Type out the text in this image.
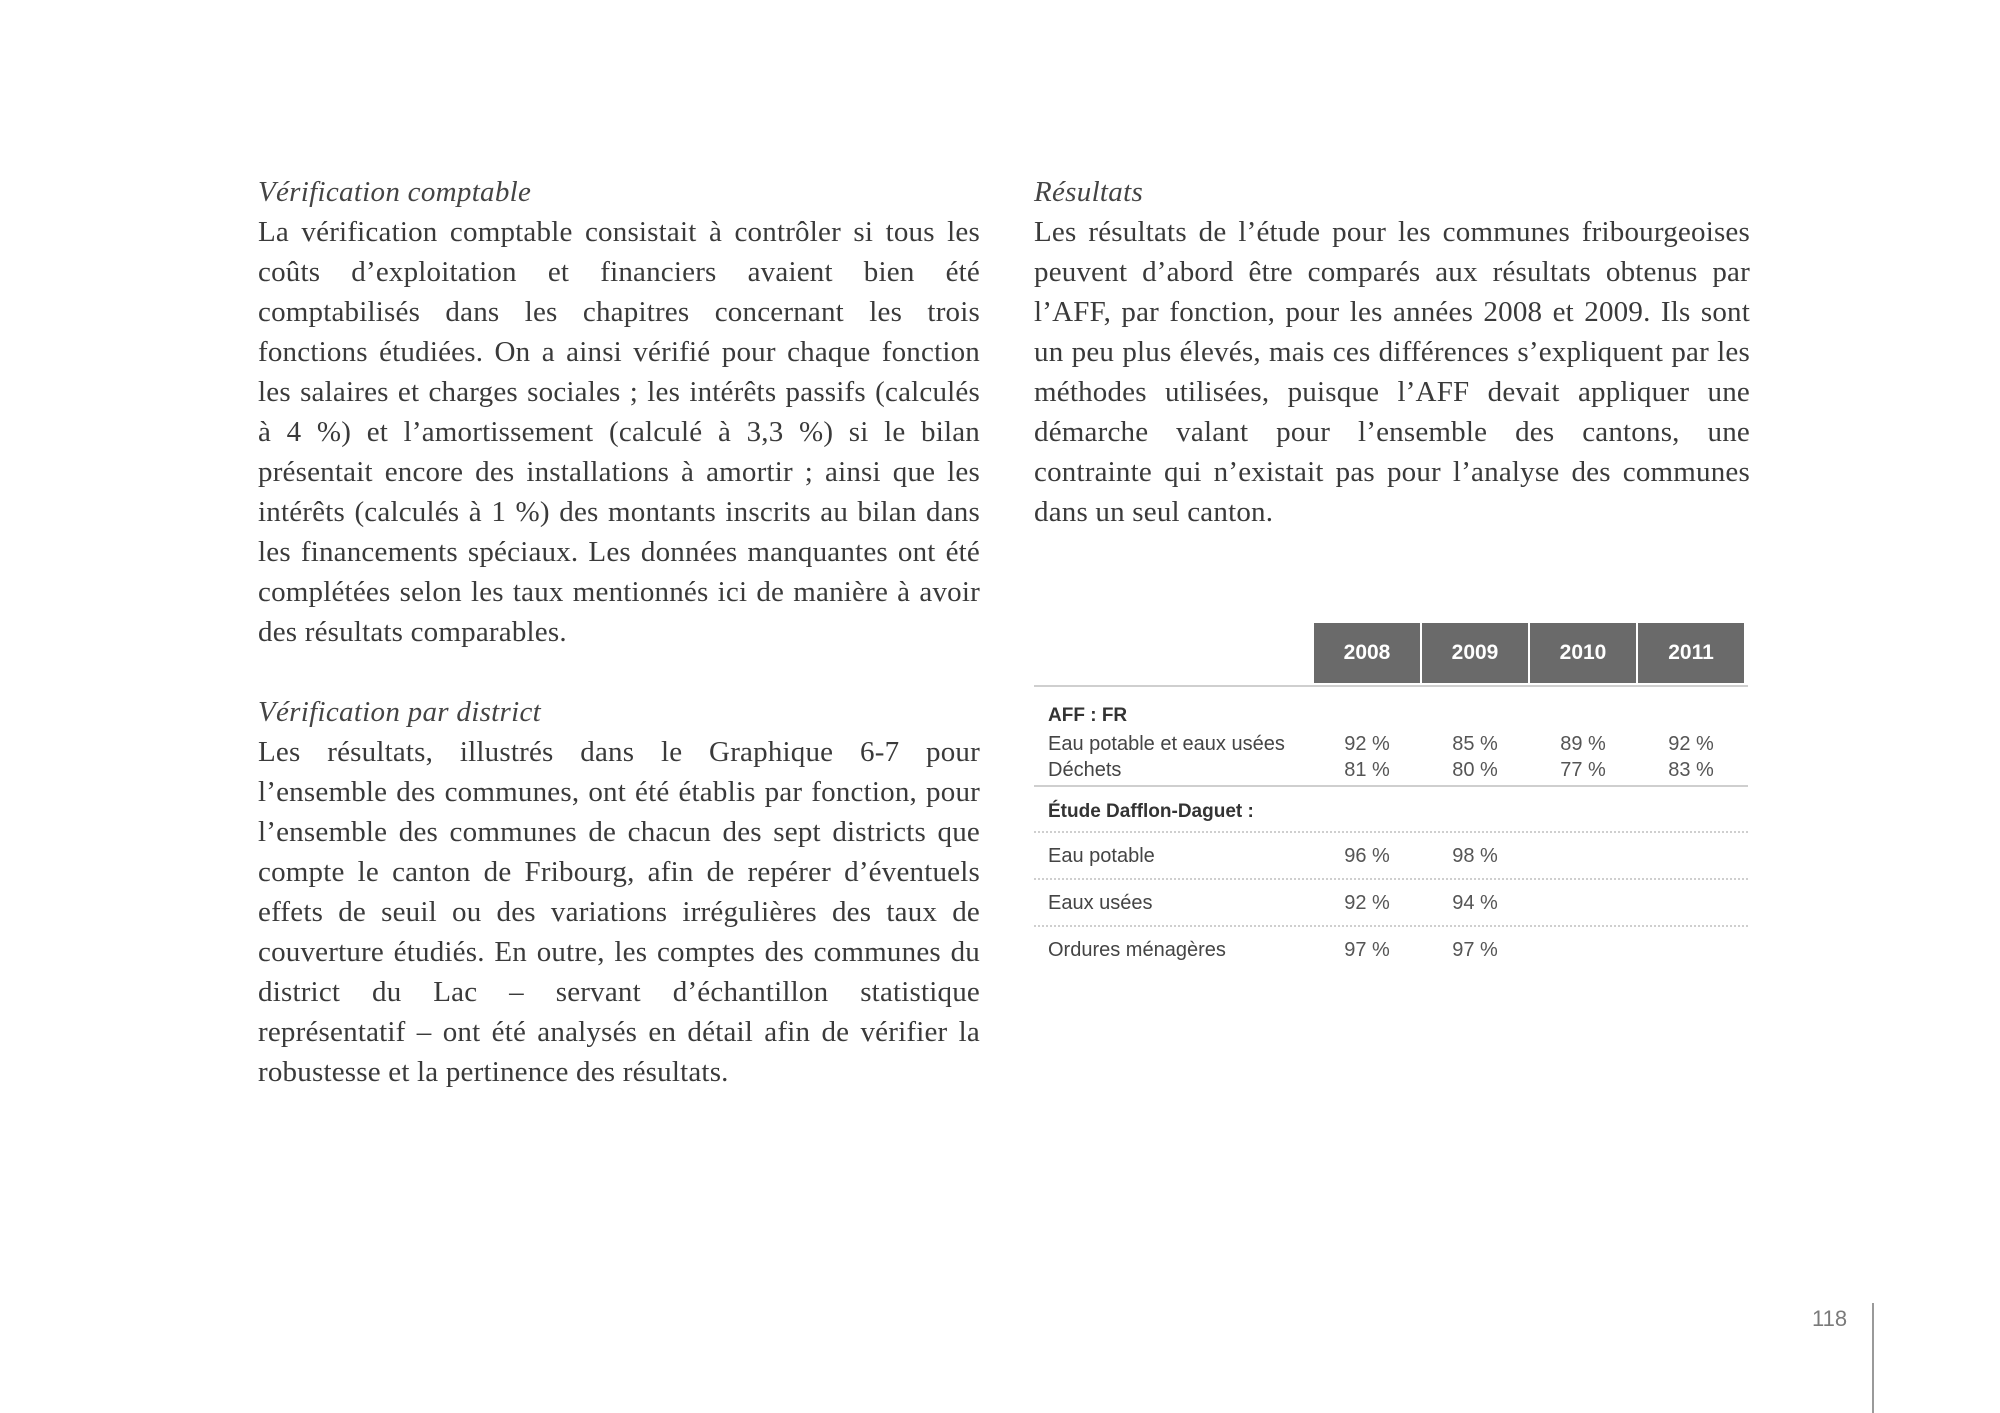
Vérification comptable

La vérification comptable consistait à contrôler si tous les coûts d’exploitation et financiers avaient bien été comptabilisés dans les chapitres concernant les trois fonctions étudiées. On a ainsi vérifié pour chaque fonction les salaires et charges sociales ; les intérêts passifs (calculés à 4 %) et l’amortissement (calculé à 3,3 %) si le bilan présentait encore des installations à amortir ; ainsi que les intérêts (calculés à 1 %) des montants inscrits au bilan dans les financements spéciaux. Les données manquantes ont été complétées selon les taux mentionnés ici de manière à avoir des résultats comparables.

Vérification par district

Les résultats, illustrés dans le Graphique 6-7 pour l’ensemble des communes, ont été établis par fonction, pour l’ensemble des communes de chacun des sept districts que compte le canton de Fribourg, afin de repérer d’éventuels effets de seuil ou des variations irrégulières des taux de couverture étudiés. En outre, les comptes des communes du district du Lac – servant d’échantillon statistique représentatif – ont été analysés en détail afin de vérifier la robustesse et la pertinence des résultats.

Résultats

Les résultats de l’étude pour les communes fribourgeoises peuvent d’abord être comparés aux résultats obtenus par l’AFF, par fonction, pour les années 2008 et 2009. Ils sont un peu plus élevés, mais ces différences s’expliquent par les méthodes utilisées, puisque l’AFF devait appliquer une démarche valant pour l’ensemble des cantons, une contrainte qui n’existait pas pour l’analyse des communes dans un seul canton.

2008	2009	2010	2011
AFF : FR
Eau potable et eaux usées	92 %	85 %	89 %	92 %
Déchets	81 %	80 %	77 %	83 %
Étude Dafflon-Daguet :
Eau potable	96 %	98 %
Eaux usées	92 %	94 %
Ordures ménagères	97 %	97 %
118
